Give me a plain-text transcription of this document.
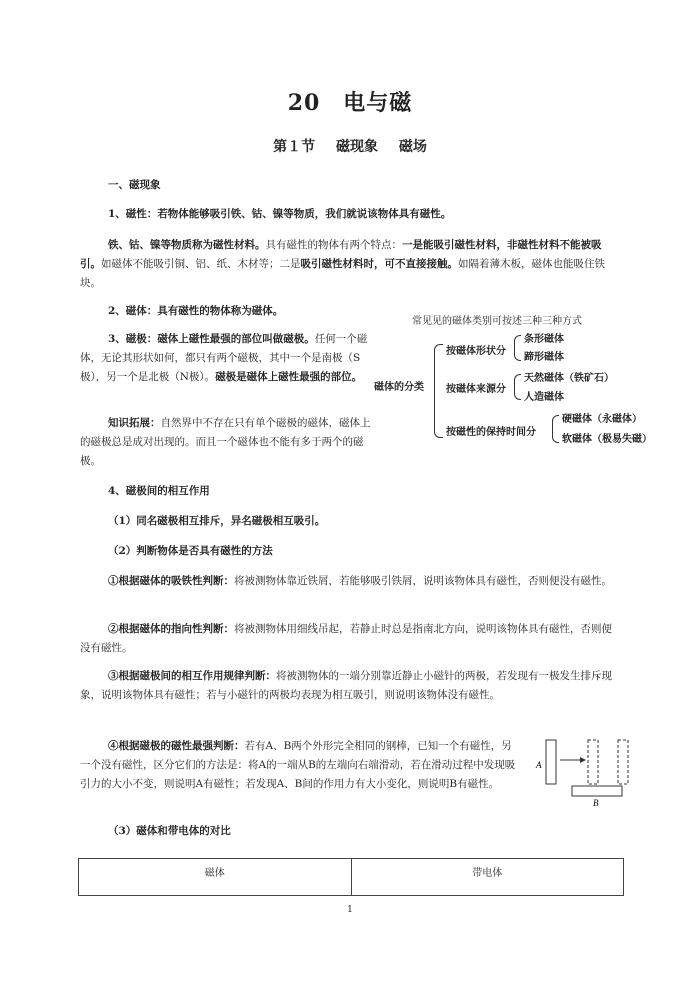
20　电与磁
第１节 磁现象 磁场
一、磁现象
1、磁性：若物体能够吸引铁、钴、镍等物质，我们就说该物体具有磁性。
铁、钴、镍等物质称为磁性材料。具有磁性的物体有两个特点：一是能吸引磁性材料，非磁性材料不能被吸引。如磁体不能吸引铜、铝、纸、木材等；二是吸引磁性材料时，可不直接接触。如隔着薄木板，磁体也能吸住铁块。
2、磁体：具有磁性的物体称为磁体。
3、磁极：磁体上磁性最强的部位叫做磁极。任何一个磁体，无论其形状如何，都只有两个磁极，其中一个是南极（S极），另一个是北极（N极）。磁极是磁体上磁性最强的部位。
知识拓展：自然界中不存在只有单个磁极的磁体，磁体上的磁极总是成对出现的。而且一个磁体也不能有多于两个的磁极。
常见见的磁体类别可按述三种三种方式
磁体的分类
按磁体形状分
条形磁体
蹄形磁体
按磁体来源分
天然磁体（铁矿石）
人造磁体
按磁性的保持时间分
硬磁体（永磁体）
软磁体（极易失磁）
4、磁极间的相互作用
（1）同名磁极相互排斥，异名磁极相互吸引。
（2）判断物体是否具有磁性的方法
①根据磁体的吸铁性判断：将被测物体靠近铁屑，若能够吸引铁屑，说明该物体具有磁性，否则便没有磁性。
②根据磁体的指向性判断：将被测物体用细线吊起，若静止时总是指南北方向，说明该物体具有磁性，否则便没有磁性。
③根据磁极间的相互作用规律判断：将被测物体的一端分别靠近静止小磁针的两极，若发现有一极发生排斥现象，说明该物体具有磁性；若与小磁针的两极均表现为相互吸引，则说明该物体没有磁性。
④根据磁极的磁性最强判断：若有A、B两个外形完全相同的钢棒，已知一个有磁性，另一个没有磁性，区分它们的方法是：将A的一端从B的左端向右端滑动，若在滑动过程中发现吸引力的大小不变，则说明A有磁性；若发现A、B间的作用力有大小变化，则说明B有磁性。
A
B
（3）磁体和带电体的对比
磁体	带电体
1
